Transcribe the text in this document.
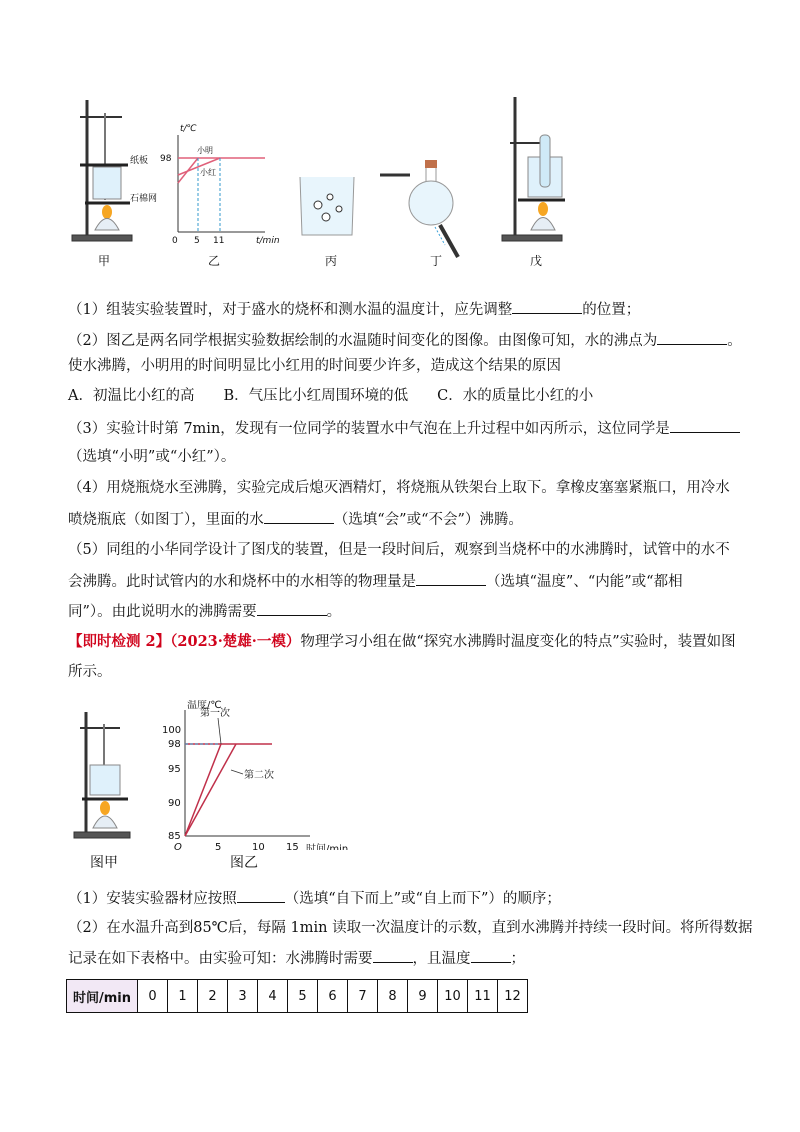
纸板
石棉网
t/℃
t/min
98
0 5 11
小明
小红
甲	乙	丙	丁	戊
（1）组装实验装置时，对于盛水的烧杯和测水温的温度计，应先调整	的位置；
（2）图乙是两名同学根据实验数据绘制的水温随时间变化的图像。由图像可知，水的沸点为	。
使水沸腾，小明用的时间明显比小红用的时间要少许多，造成这个结果的原因
A．初温比小红的高　　B．气压比小红周围环境的低　　C．水的质量比小红的小
（3）实验计时第 7min，发现有一位同学的装置水中气泡在上升过程中如丙所示，这位同学是
（选填“小明”或“小红”）。
（4）用烧瓶烧水至沸腾，实验完成后熄灭酒精灯，将烧瓶从铁架台上取下。拿橡皮塞塞紧瓶口，用冷水
喷烧瓶底（如图丁），里面的水	（选填“会”或“不会”）沸腾。
（5）同组的小华同学设计了图戊的装置，但是一段时间后，观察到当烧杯中的水沸腾时，试管中的水不
会沸腾。此时试管内的水和烧杯中的水相等的物理量是	（选填“温度”、“内能”或“都相
同”）。由此说明水的沸腾需要	。
【即时检测 2】（2023·楚雄·一模）物理学习小组在做“探究水沸腾时温度变化的特点”实验时，装置如图
所示。
温度/℃
时间/min
100
98
95
90
85
O	5	10 15
第一次
第二次
图甲	图乙
（1）安装实验器材应按照	（选填“自下而上”或“自上而下”）的顺序；
（2）在水温升高到85℃后，每隔 1min 读取一次温度计的示数，直到水沸腾并持续一段时间。将所得数据
记录在如下表格中。由实验可知：水沸腾时需要	，且温度	；
时间/min	0	1	2	3	4	5	6	7	8	9	10	11	12
